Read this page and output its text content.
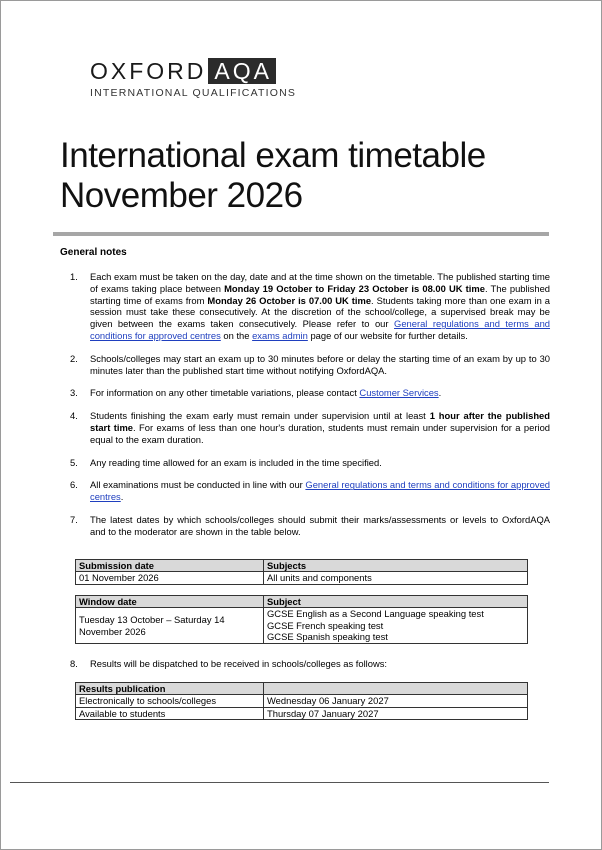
OXFORD AQA
INTERNATIONAL QUALIFICATIONS
International exam timetable
November 2026
General notes
1.	Each exam must be taken on the day, date and at the time shown on the timetable. The published starting time of exams taking place between Monday 19 October to Friday 23 October is 08.00 UK time. The published starting time of exams from Monday 26 October is 07.00 UK time. Students taking more than one exam in a session must take these consecutively. At the discretion of the school/college, a supervised break may be given between the exams taken consecutively. Please refer to our General regulations and terms and conditions for approved centres on the exams admin page of our website for further details.
2.	Schools/colleges may start an exam up to 30 minutes before or delay the starting time of an exam by up to 30 minutes later than the published start time without notifying OxfordAQA.
3.	For information on any other timetable variations, please contact Customer Services.
4.	Students finishing the exam early must remain under supervision until at least 1 hour after the published start time. For exams of less than one hour's duration, students must remain under supervision for a period equal to the exam duration.
5.	Any reading time allowed for an exam is included in the time specified.
6.	All examinations must be conducted in line with our General regulations and terms and conditions for approved centres.
7.	The latest dates by which schools/colleges should submit their marks/assessments or levels to OxfordAQA and to the moderator are shown in the table below.
Submission date	Subjects
01 November 2026	All units and components
Window date	Subject
Tuesday 13 October – Saturday 14 November 2026	GCSE English as a Second Language speaking test
GCSE French speaking test
GCSE Spanish speaking test
8.	Results will be dispatched to be received in schools/colleges as follows:
Results publication	
Electronically to schools/colleges	Wednesday 06 January 2027
Available to students	Thursday 07 January 2027
